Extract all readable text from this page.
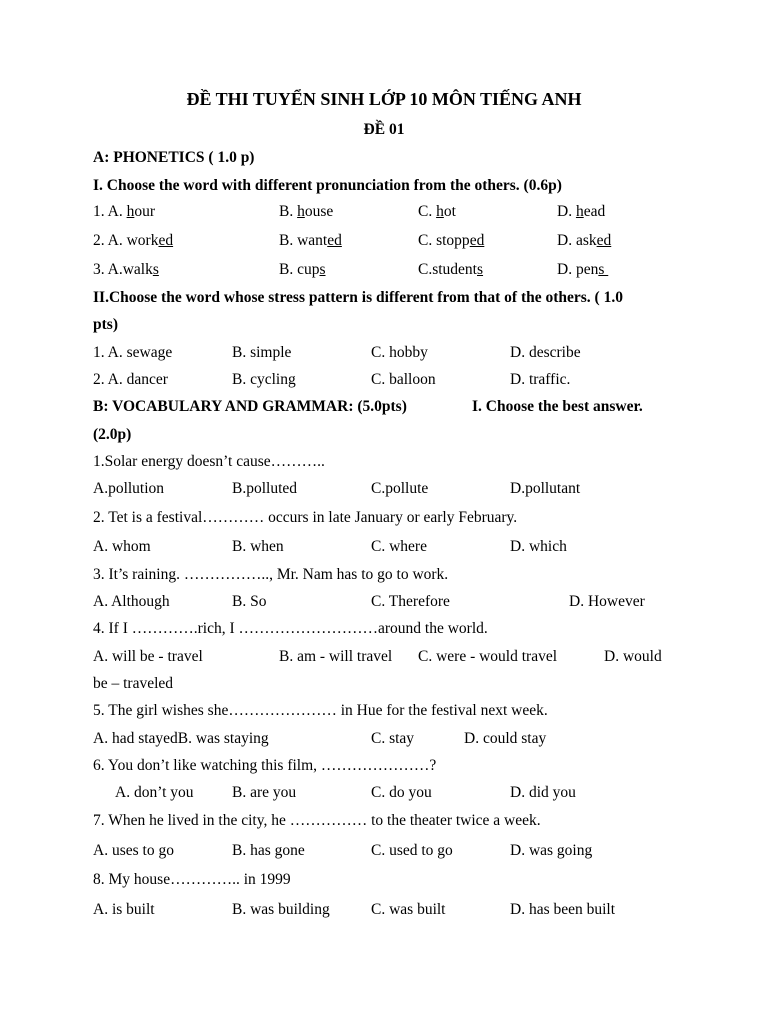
ĐỀ THI TUYỂN SINH LỚP 10 MÔN TIẾNG ANH
ĐỀ 01
A: PHONETICS ( 1.0 p)
I. Choose the word with different pronunciation from the others. (0.6p)
1. A. hour	B. house	C. hot	D. head
2. A. worked	B. wanted	C. stopped	D. asked
3. A.walks	B. cups	C.students	D. pens
II.Choose the word whose stress pattern is different from that of the others. ( 1.0
pts)
1. A. sewage	B. simple	C. hobby	D. describe
2. A. dancer	B. cycling	C. balloon	D. traffic.
B: VOCABULARY AND GRAMMAR: (5.0pts)	I. Choose the best answer.
(2.0p)
1.Solar energy doesn’t cause………..
A.pollution	B.polluted	C.pollute	D.pollutant
2. Tet is a festival………… occurs in late January or early February.
A. whom	B. when	C. where	D. which
3. It’s raining. …………….., Mr. Nam has to go to work.
A. Although	B. So	C. Therefore	D. However
4. If I ………….rich, I ………………………around the world.
A. will be - travel	B. am - will travel C. were - would travel	D. would
be – traveled
5. The girl wishes she………………… in Hue for the festival next week.
A. had stayedB. was staying	C. stay	D. could stay
6. You don’t like watching this film, …………………?
A. don’t you B. are you	C. do you	D. did you
7. When he lived in the city, he …………… to the theater twice a week.
A. uses to go	B. has gone	C. used to go	D. was going
8. My house………….. in 1999
A. is built	B. was building	C. was built	D. has been built
